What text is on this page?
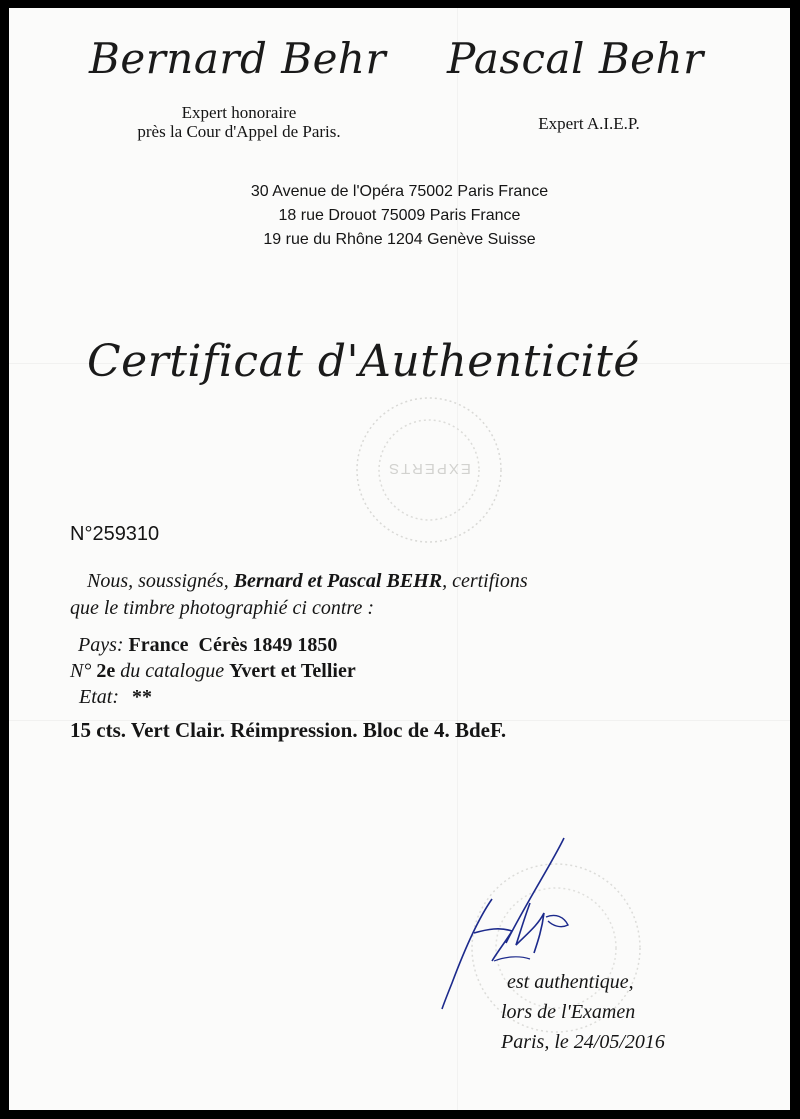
Bernard Behr
Expert honoraire
près la Cour d'Appel de Paris.
Pascal Behr
Expert A.I.E.P.
30 Avenue de l'Opéra 75002 Paris France
18 rue Drouot 75009 Paris France
19 rue du Rhône 1204 Genève Suisse
Certificat d'Authenticité
EXPERTS
N°259310
Nous, soussignés, Bernard et Pascal BEHR, certifions
que le timbre photographié ci contre :
Pays: France  Cérès 1849 1850
N° 2e du catalogue Yvert et Tellier
Etat: **
15 cts. Vert Clair. Réimpression. Bloc de 4. BdeF.
est authentique,
lors de l'Examen
Paris, le 24/05/2016
